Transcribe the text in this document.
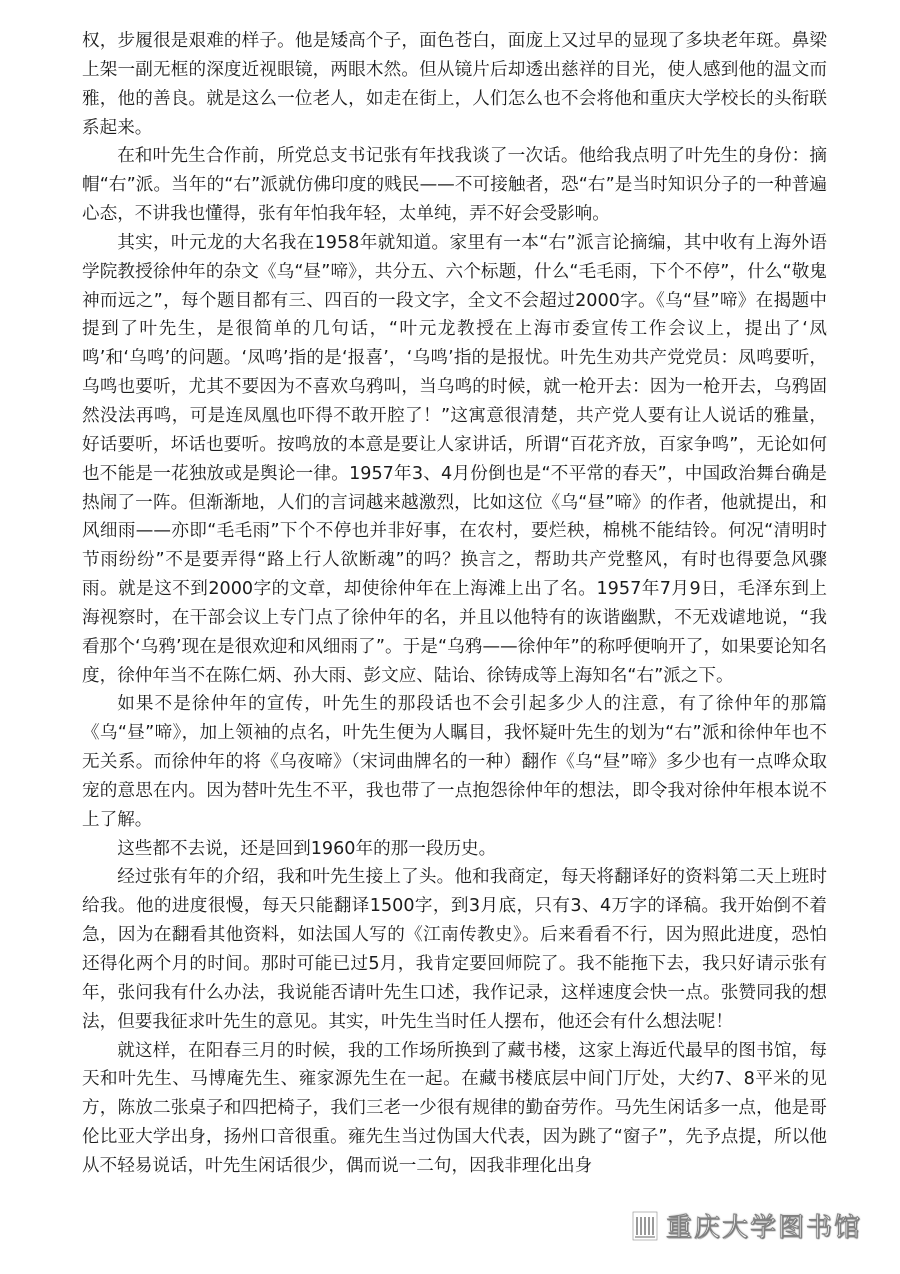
权，步履很是艰难的样子。他是矮高个子，面色苍白，面庞上又过早的显现了多块老年斑。鼻梁上架一副无框的深度近视眼镜，两眼木然。但从镜片后却透出慈祥的目光，使人感到他的温文而雅，他的善良。就是这么一位老人，如走在街上，人们怎么也不会将他和重庆大学校长的头衔联系起来。

在和叶先生合作前，所党总支书记张有年找我谈了一次话。他给我点明了叶先生的身份：摘帽“右”派。当年的“右”派就仿佛印度的贱民——不可接触者，恐“右”是当时知识分子的一种普遍心态，不讲我也懂得，张有年怕我年轻，太单纯，弄不好会受影响。

其实，叶元龙的大名我在1958年就知道。家里有一本“右”派言论摘编，其中收有上海外语学院教授徐仲年的杂文《乌“昼”啼》，共分五、六个标题，什么“毛毛雨，下个不停”，什么“敬鬼神而远之”，每个题目都有三、四百的一段文字，全文不会超过2000字。《乌“昼”啼》在揭题中提到了叶先生，是很简单的几句话，“叶元龙教授在上海市委宣传工作会议上，提出了‘凤鸣’和‘乌鸣’的问题。‘凤鸣’指的是‘报喜’，‘乌鸣’指的是报忧。叶先生劝共产党党员：凤鸣要听，乌鸣也要听，尤其不要因为不喜欢乌鸦叫，当乌鸣的时候，就一枪开去：因为一枪开去，乌鸦固然没法再鸣，可是连凤凰也吓得不敢开腔了！”这寓意很清楚，共产党人要有让人说话的雅量，好话要听，坏话也要听。按鸣放的本意是要让人家讲话，所谓“百花齐放，百家争鸣”，无论如何也不能是一花独放或是舆论一律。1957年3、4月份倒也是“不平常的春天”，中国政治舞台确是热闹了一阵。但渐渐地，人们的言词越来越激烈，比如这位《乌“昼”啼》的作者，他就提出，和风细雨——亦即“毛毛雨”下个不停也并非好事，在农村，要烂秧，棉桃不能结铃。何况“清明时节雨纷纷”不是要弄得“路上行人欲断魂”的吗？换言之，帮助共产党整风，有时也得要急风骤雨。就是这不到2000字的文章，却使徐仲年在上海滩上出了名。1957年7月9日，毛泽东到上海视察时，在干部会议上专门点了徐仲年的名，并且以他特有的诙谐幽默，不无戏谑地说，“我看那个‘乌鸦’现在是很欢迎和风细雨了”。于是“乌鸦——徐仲年”的称呼便响开了，如果要论知名度，徐仲年当不在陈仁炳、孙大雨、彭文应、陆诒、徐铸成等上海知名“右”派之下。

如果不是徐仲年的宣传，叶先生的那段话也不会引起多少人的注意，有了徐仲年的那篇《乌“昼”啼》，加上领袖的点名，叶先生便为人瞩目，我怀疑叶先生的划为“右”派和徐仲年也不无关系。而徐仲年的将《乌夜啼》（宋词曲牌名的一种）翻作《乌“昼”啼》多少也有一点哗众取宠的意思在内。因为替叶先生不平，我也带了一点抱怨徐仲年的想法，即令我对徐仲年根本说不上了解。

这些都不去说，还是回到1960年的那一段历史。

经过张有年的介绍，我和叶先生接上了头。他和我商定，每天将翻译好的资料第二天上班时给我。他的进度很慢，每天只能翻译1500字，到3月底，只有3、4万字的译稿。我开始倒不着急，因为在翻看其他资料，如法国人写的《江南传教史》。后来看看不行，因为照此进度，恐怕还得化两个月的时间。那时可能已过5月，我肯定要回师院了。我不能拖下去，我只好请示张有年，张问我有什么办法，我说能否请叶先生口述，我作记录，这样速度会快一点。张赞同我的想法，但要我征求叶先生的意见。其实，叶先生当时任人摆布，他还会有什么想法呢！

就这样，在阳春三月的时候，我的工作场所换到了藏书楼，这家上海近代最早的图书馆，每天和叶先生、马博庵先生、雍家源先生在一起。在藏书楼底层中间门厅处，大约7、8平米的见方，陈放二张桌子和四把椅子，我们三老一少很有规律的勤奋劳作。马先生闲话多一点，他是哥伦比亚大学出身，扬州口音很重。雍先生当过伪国大代表，因为跳了“窗子”，先予点提，所以他从不轻易说话，叶先生闲话很少，偶而说一二句，因我非理化出身

重庆大学图书馆
